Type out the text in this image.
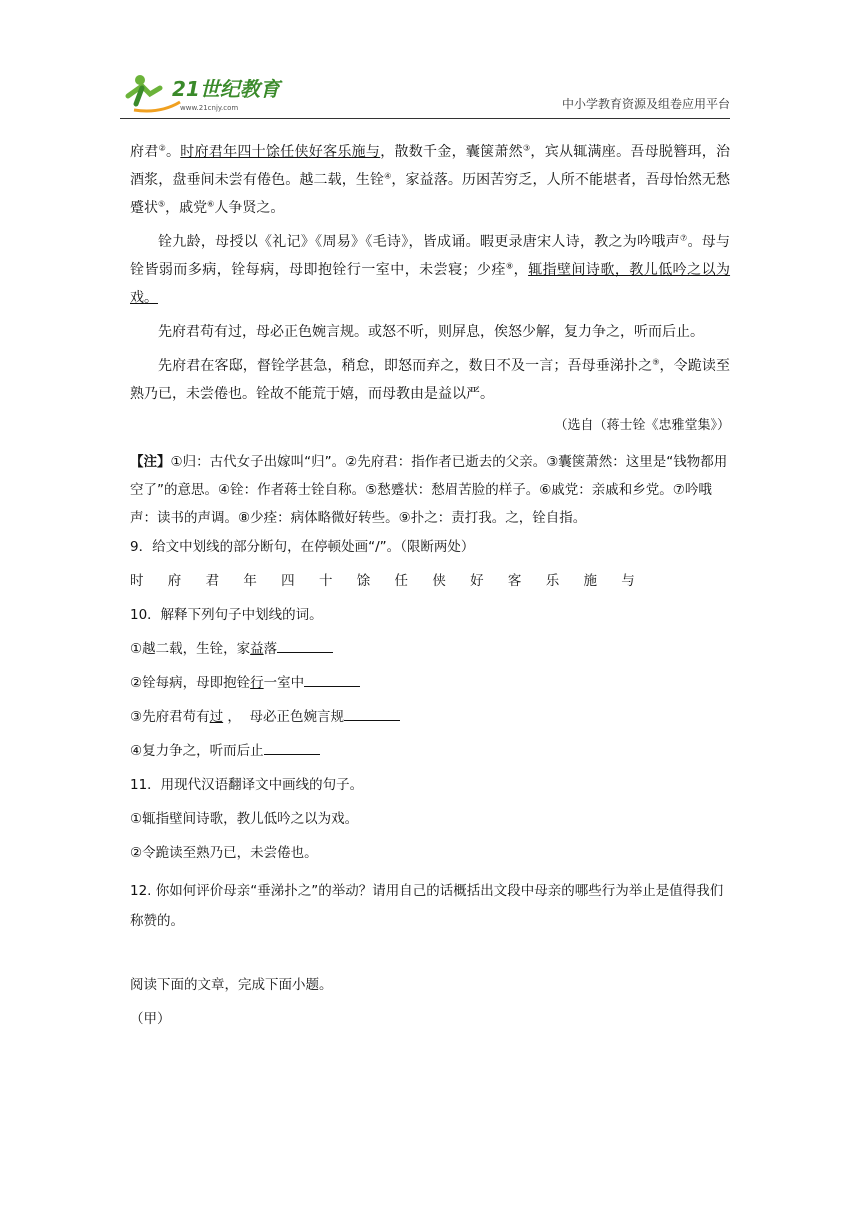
21世纪教育
www.21cnjy.com	中小学教育资源及组卷应用平台

府君②。时府君年四十馀任侠好客乐施与，散数千金，囊箧萧然③，宾从辄满座。吾母脱簪珥，治酒浆，盘垂间未尝有倦色。越二载，生铨④，家益落。历困苦穷乏，人所不能堪者，吾母怡然无愁蹙状⑤，戚党⑥人争贤之。

铨九龄，母授以《礼记》《周易》《毛诗》，皆成诵。暇更录唐宋人诗，教之为吟哦声⑦。母与铨皆弱而多病，铨每病，母即抱铨行一室中，未尝寝；少痊⑧，辄指壁间诗歌，教儿低吟之以为戏。

先府君苟有过，母必正色婉言规。或怒不听，则屏息，俟怒少解，复力争之，听而后止。

先府君在客邸，督铨学甚急，稍怠，即怒而弃之，数日不及一言；吾母垂涕扑之⑨，令跪读至熟乃已，未尝倦也。铨故不能荒于嬉，而母教由是益以严。

（选自（蒋士铨《忠雅堂集》）

【注】①归：古代女子出嫁叫“归”。②先府君：指作者已逝去的父亲。③囊箧萧然：这里是“钱物都用空了”的意思。④铨：作者蒋士铨自称。⑤愁蹙状：愁眉苦脸的样子。⑥戚党：亲戚和乡党。⑦吟哦声：读书的声调。⑧少痊：病体略微好转些。⑨扑之：责打我。之，铨自指。

9．给文中划线的部分断句，在停顿处画“/”。（限断两处）
时 府 君 年 四 十 馀 任 侠 好 客 乐 施 与
10．解释下列句子中划线的词。
①越二载，生铨，家益落
②铨每病，母即抱铨行一室中
③先府君苟有过 ，  母必正色婉言规
④复力争之，听而后止
11．用现代汉语翻译文中画线的句子。
①辄指壁间诗歌，教儿低吟之以为戏。
②令跪读至熟乃已，未尝倦也。
12. 你如何评价母亲“垂涕扑之”的举动？请用自己的话概括出文段中母亲的哪些行为举止是值得我们称赞的。
阅读下面的文章，完成下面小题。
（甲）
